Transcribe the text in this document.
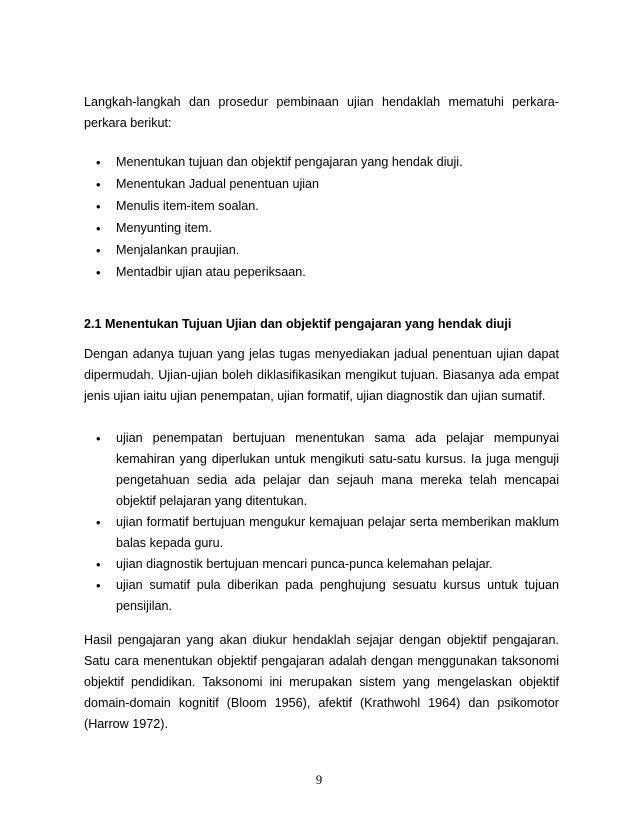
Langkah-langkah dan prosedur pembinaan ujian hendaklah mematuhi perkara-perkara berikut:

• Menentukan tujuan dan objektif pengajaran yang hendak diuji.
• Menentukan Jadual penentuan ujian
• Menulis item-item soalan.
• Menyunting item.
• Menjalankan praujian.
• Mentadbir ujian atau peperiksaan.

2.1 Menentukan Tujuan Ujian dan objektif pengajaran yang hendak diuji

Dengan adanya tujuan yang jelas tugas menyediakan jadual penentuan ujian dapat dipermudah. Ujian-ujian boleh diklasifikasikan mengikut tujuan. Biasanya ada empat jenis ujian iaitu ujian penempatan, ujian formatif, ujian diagnostik dan ujian sumatif.

• ujian penempatan bertujuan menentukan sama ada pelajar mempunyai kemahiran yang diperlukan untuk mengikuti satu-satu kursus. Ia juga menguji pengetahuan sedia ada pelajar dan sejauh mana mereka telah mencapai objektif pelajaran yang ditentukan.
• ujian formatif bertujuan mengukur kemajuan pelajar serta memberikan maklum balas kepada guru.
• ujian diagnostik bertujuan mencari punca-punca kelemahan pelajar.
• ujian sumatif pula diberikan pada penghujung sesuatu kursus untuk tujuan pensijilan.

Hasil pengajaran yang akan diukur hendaklah sejajar dengan objektif pengajaran. Satu cara menentukan objektif pengajaran adalah dengan menggunakan taksonomi objektif pendidikan. Taksonomi ini merupakan sistem yang mengelaskan objektif domain-domain kognitif (Bloom 1956), afektif (Krathwohl 1964) dan psikomotor (Harrow 1972).

9
